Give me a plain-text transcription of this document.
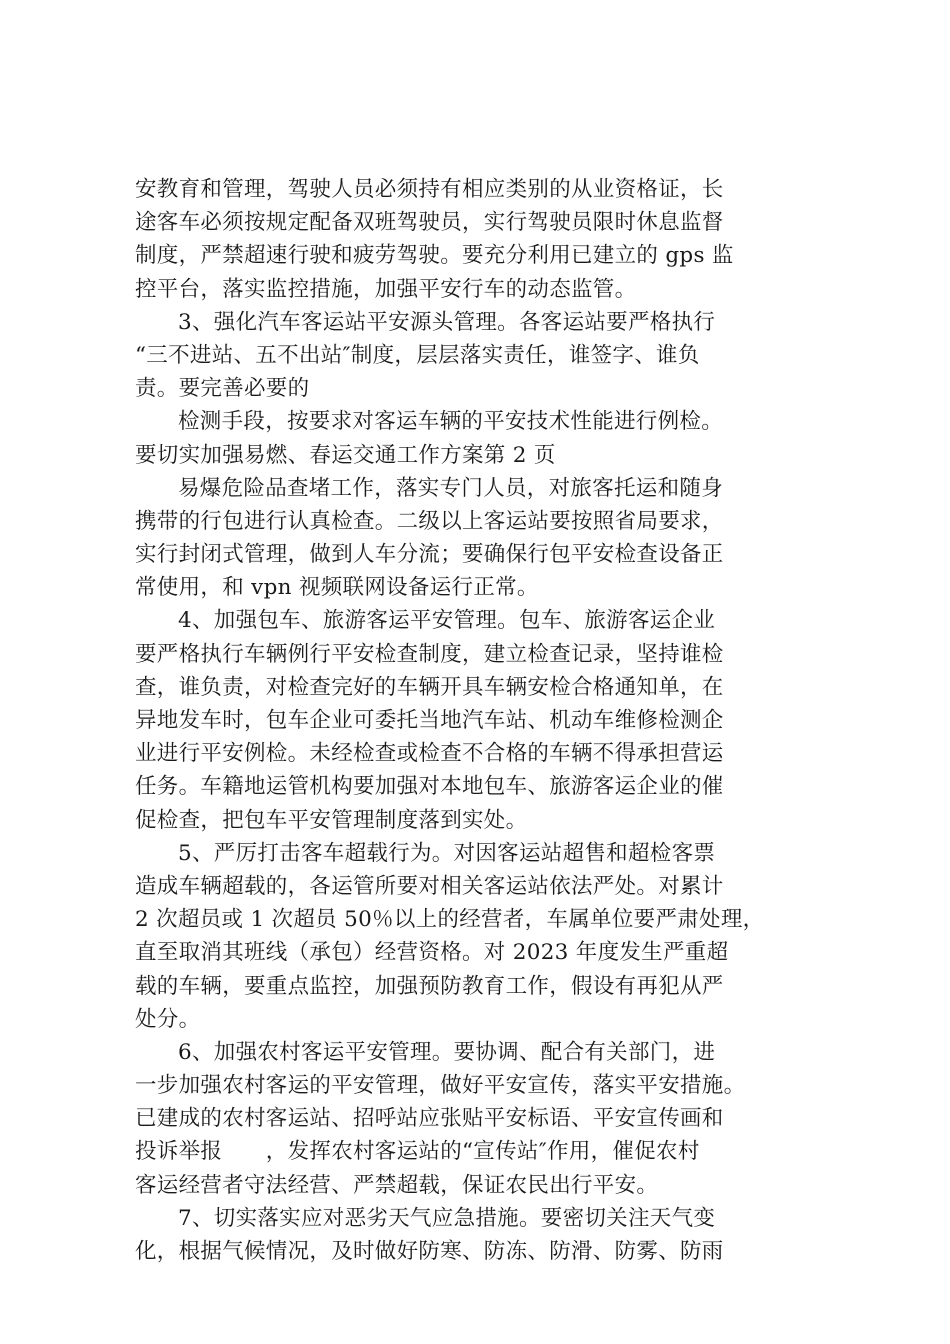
安教育和管理，驾驶人员必须持有相应类别的从业资格证，长
途客车必须按规定配备双班驾驶员，实行驾驶员限时休息监督
制度，严禁超速行驶和疲劳驾驶。要充分利用已建立的 gps 监
控平台，落实监控措施，加强平安行车的动态监管。
3、强化汽车客运站平安源头管理。各客运站要严格执行
“三不进站、五不出站″制度，层层落实责任，谁签字、谁负
责。要完善必要的
检测手段，按要求对客运车辆的平安技术性能进行例检。
要切实加强易燃、春运交通工作方案第 2 页
易爆危险品查堵工作，落实专门人员，对旅客托运和随身
携带的行包进行认真检查。二级以上客运站要按照省局要求，
实行封闭式管理，做到人车分流；要确保行包平安检查设备正
常使用，和 vpn 视频联网设备运行正常。
4、加强包车、旅游客运平安管理。包车、旅游客运企业
要严格执行车辆例行平安检查制度，建立检查记录，坚持谁检
查，谁负责，对检查完好的车辆开具车辆安检合格通知单，在
异地发车时，包车企业可委托当地汽车站、机动车维修检测企
业进行平安例检。未经检查或检查不合格的车辆不得承担营运
任务。车籍地运管机构要加强对本地包车、旅游客运企业的催
促检查，把包车平安管理制度落到实处。
5、严厉打击客车超载行为。对因客运站超售和超检客票
造成车辆超载的，各运管所要对相关客运站依法严处。对累计
2 次超员或 1 次超员 50％以上的经营者，车属单位要严肃处理，
直至取消其班线（承包）经营资格。对 2023 年度发生严重超
载的车辆，要重点监控，加强预防教育工作，假设有再犯从严
处分。
6、加强农村客运平安管理。要协调、配合有关部门，进
一步加强农村客运的平安管理，做好平安宣传，落实平安措施。
已建成的农村客运站、招呼站应张贴平安标语、平安宣传画和
投诉举报　　，发挥农村客运站的“宣传站″作用，催促农村
客运经营者守法经营、严禁超载，保证农民出行平安。
7、切实落实应对恶劣天气应急措施。要密切关注天气变
化，根据气候情况，及时做好防寒、防冻、防滑、防雾、防雨
